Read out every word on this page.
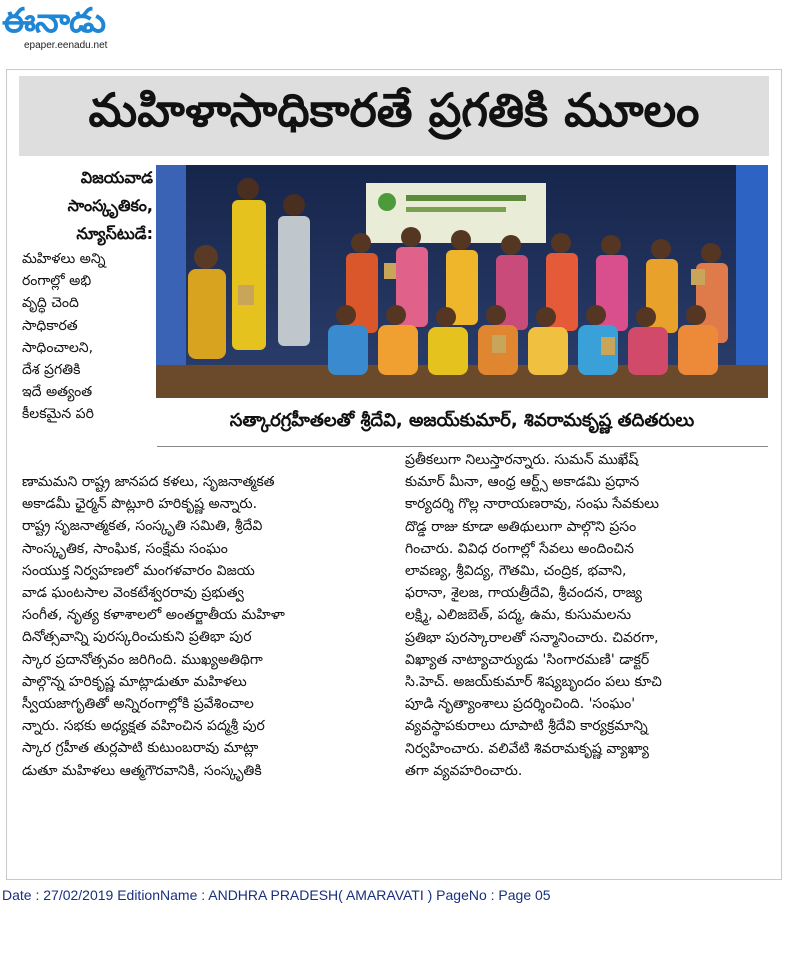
ఈనాడు
epaper.eenadu.net
మహిళాసాధికారతే ప్రగతికి మూలం
విజయవాడ
సాంస్కృతికం,
న్యూస్‌టుడే:
సత్కారగ్రహీతలతో శ్రీదేవి, అజయ్‌కుమార్, శివరామకృష్ణ తదితరులు
మహిళలు అన్ని
రంగాల్లో అభి
వృద్ధి చెంది
సాధికారత
సాధించాలని,
దేశ ప్రగతికి
ఇదే అత్యంత
కీలకమైన పరి
ణామమని రాష్ట్ర జానపద కళలు, సృజనాత్మకత
అకాడమీ ఛైర్మన్ పొట్లూరి హరికృష్ణ అన్నారు.
రాష్ట్ర సృజనాత్మకత, సంస్కృతి సమితి, శ్రీదేవి
సాంస్కృతిక, సాంఘిక, సంక్షేమ సంఘం
సంయుక్త నిర్వహణలో మంగళవారం విజయ
వాడ ఘంటసాల వెంకటేశ్వరరావు ప్రభుత్వ
సంగీత, నృత్య కళాశాలలో అంతర్జాతీయ మహిళా
దినోత్సవాన్ని పురస్కరించుకుని ప్రతిభా పుర
స్కార ప్రదానోత్సవం జరిగింది. ముఖ్యఅతిథిగా
పాల్గొన్న హరికృష్ణ మాట్లాడుతూ మహిళలు
స్వీయజాగృతితో అన్నిరంగాల్లోకి ప్రవేశించాల
న్నారు. సభకు అధ్యక్షత వహించిన పద్మశ్రీ పుర
స్కార గ్రహీత తుర్లపాటి కుటుంబరావు మాట్లా
డుతూ మహిళలు ఆత్మగౌరవానికి, సంస్కృతికి
ప్రతీకలుగా నిలుస్తారన్నారు. సుమన్ ముఖేష్
కుమార్ మీనా, ఆంధ్ర ఆర్ట్స్ అకాడమి ప్రధాన
కార్యదర్శి గొల్ల నారాయణరావు, సంఘ సేవకులు
దొడ్డ రాజు కూడా అతిథులుగా పాల్గొని ప్రసం
గించారు. వివిధ రంగాల్లో సేవలు అందించిన
లావణ్య, శ్రీవిద్య, గౌతమి, చంద్రిక, భవాని,
ఫరానా, శైలజ, గాయత్రీదేవి, శ్రీచందన, రాజ్య
లక్ష్మి, ఎలిజబెత్, పద్మ, ఉమ, కుసుమలను
ప్రతిభా పురస్కారాలతో సన్మానించారు. చివరగా,
విఖ్యాత నాట్యాచార్యుడు 'సింగారమణి' డాక్టర్
సి.హెచ్. అజయ్‌కుమార్ శిష్యబృందం పలు కూచి
పూడి నృత్యాంశాలు ప్రదర్శించింది. 'సంఘం'
వ్యవస్థాపకురాలు దూపాటి శ్రీదేవి కార్యక్రమాన్ని
నిర్వహించారు. వలివేటి శివరామకృష్ణ వ్యాఖ్యా
తగా వ్యవహరించారు.
Date : 27/02/2019 EditionName : ANDHRA PRADESH( AMARAVATI ) PageNo : Page 05
